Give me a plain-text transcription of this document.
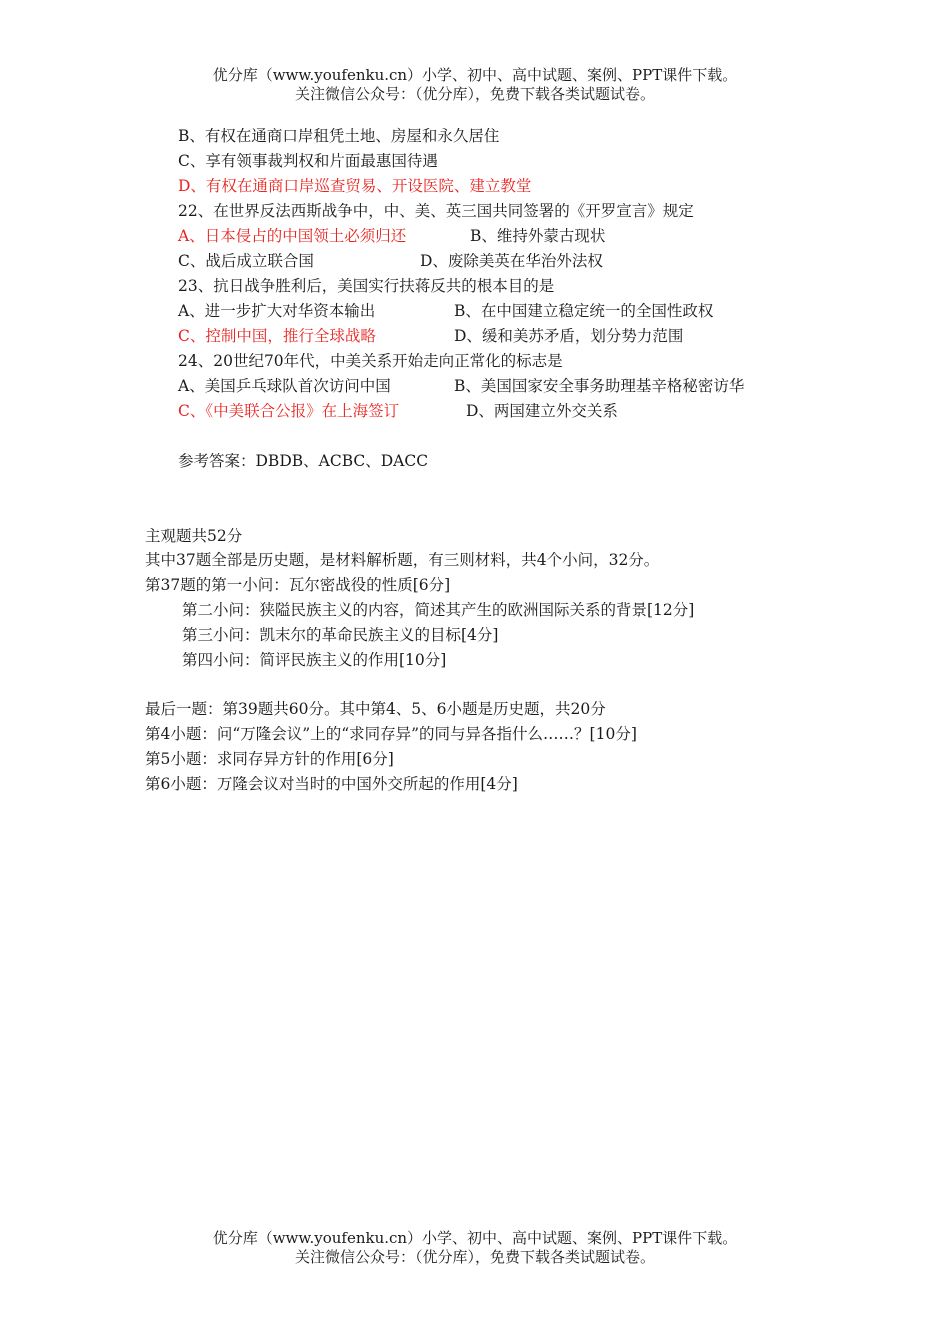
优分库（www.youfenku.cn）小学、初中、高中试题、案例、PPT课件下载。
关注微信公众号：（优分库），免费下载各类试题试卷。
B、有权在通商口岸租凭土地、房屋和永久居住
C、享有领事裁判权和片面最惠国待遇
D、有权在通商口岸巡查贸易、开设医院、建立教堂
22、在世界反法西斯战争中，中、美、英三国共同签署的《开罗宣言》规定
A、日本侵占的中国领土必须归还	B、维持外蒙古现状
C、战后成立联合国	D、废除美英在华治外法权
23、抗日战争胜利后，美国实行扶蒋反共的根本目的是
A、进一步扩大对华资本输出	B、在中国建立稳定统一的全国性政权
C、控制中国，推行全球战略	D、缓和美苏矛盾，划分势力范围
24、20世纪70年代，中美关系开始走向正常化的标志是
A、美国乒乓球队首次访问中国	B、美国国家安全事务助理基辛格秘密访华
C、《中美联合公报》在上海签订	D、两国建立外交关系
参考答案：DBDB、ACBC、DACC
主观题共52分
其中37题全部是历史题，是材料解析题，有三则材料，共4个小问，32分。
第37题的第一小问：瓦尔密战役的性质[6分]
第二小问：狭隘民族主义的内容，简述其产生的欧洲国际关系的背景[12分]
第三小问：凯末尔的革命民族主义的目标[4分]
第四小问：简评民族主义的作用[10分]
最后一题：第39题共60分。其中第4、5、6小题是历史题，共20分
第4小题：问“万隆会议”上的“求同存异”的同与异各指什么……？[10分]
第5小题：求同存异方针的作用[6分]
第6小题：万隆会议对当时的中国外交所起的作用[4分]
优分库（www.youfenku.cn）小学、初中、高中试题、案例、PPT课件下载。
关注微信公众号：（优分库），免费下载各类试题试卷。
